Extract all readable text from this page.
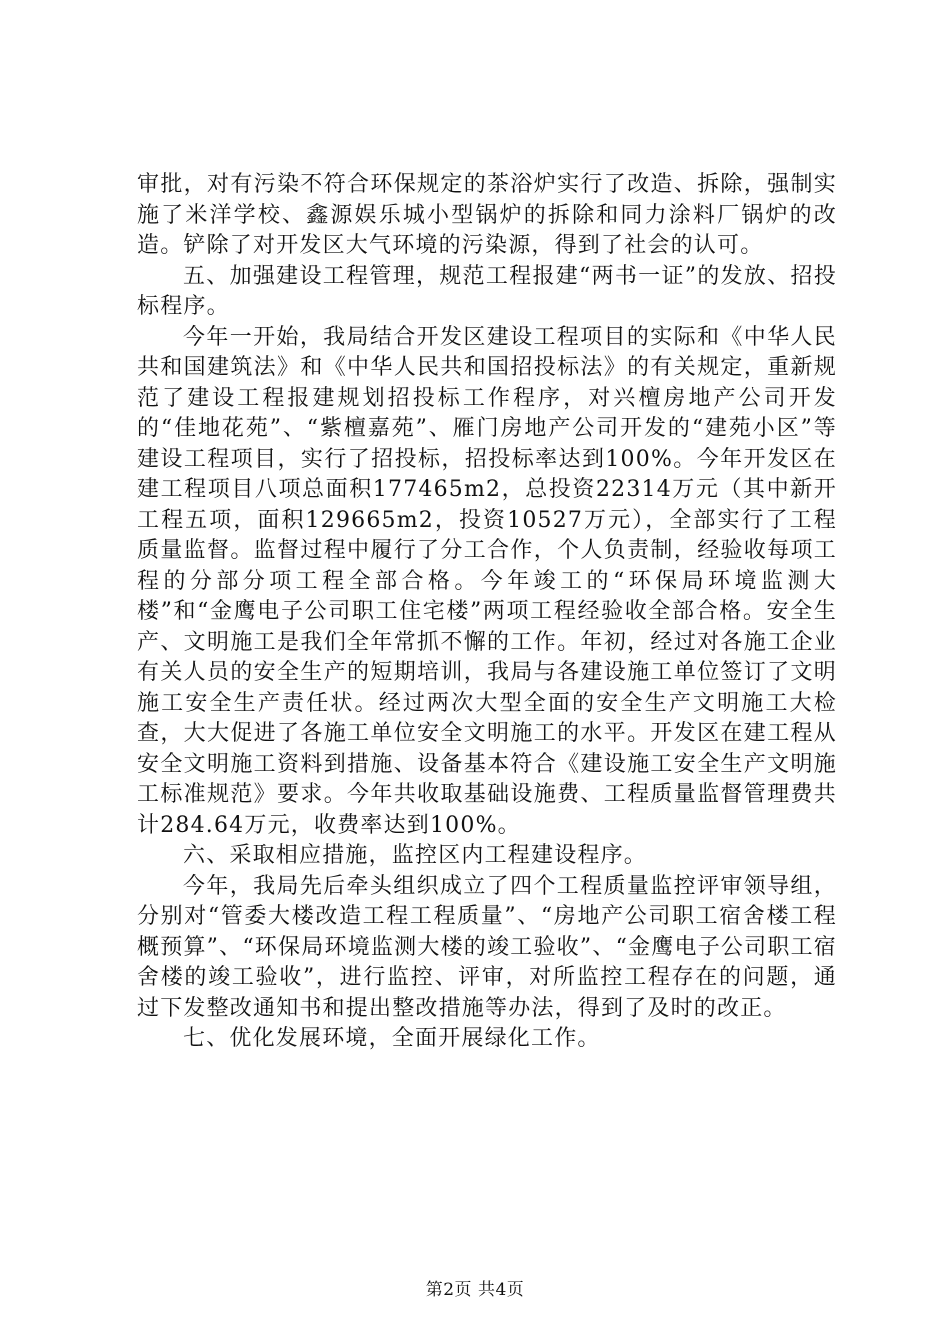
审批，对有污染不符合环保规定的茶浴炉实行了改造、拆除，强制实施了米洋学校、鑫源娱乐城小型锅炉的拆除和同力涂料厂锅炉的改造。铲除了对开发区大气环境的污染源，得到了社会的认可。

五、加强建设工程管理，规范工程报建“两书一证”的发放、招投标程序。

今年一开始，我局结合开发区建设工程项目的实际和《中华人民共和国建筑法》和《中华人民共和国招投标法》的有关规定，重新规范了建设工程报建规划招投标工作程序，对兴檀房地产公司开发的“佳地花苑”、“紫檀嘉苑”、雁门房地产公司开发的“建苑小区”等建设工程项目，实行了招投标，招投标率达到100%。今年开发区在建工程项目八项总面积177465m2，总投资22314万元（其中新开工程五项，面积129665m2，投资10527万元），全部实行了工程质量监督。监督过程中履行了分工合作，个人负责制，经验收每项工程的分部分项工程全部合格。今年竣工的“环保局环境监测大楼”和“金鹰电子公司职工住宅楼”两项工程经验收全部合格。安全生产、文明施工是我们全年常抓不懈的工作。年初，经过对各施工企业有关人员的安全生产的短期培训，我局与各建设施工单位签订了文明施工安全生产责任状。经过两次大型全面的安全生产文明施工大检查，大大促进了各施工单位安全文明施工的水平。开发区在建工程从安全文明施工资料到措施、设备基本符合《建设施工安全生产文明施工标准规范》要求。今年共收取基础设施费、工程质量监督管理费共计284.64万元，收费率达到100%。

六、采取相应措施，监控区内工程建设程序。

今年，我局先后牵头组织成立了四个工程质量监控评审领导组，分别对“管委大楼改造工程工程质量”、“房地产公司职工宿舍楼工程概预算”、“环保局环境监测大楼的竣工验收”、“金鹰电子公司职工宿舍楼的竣工验收”，进行监控、评审，对所监控工程存在的问题，通过下发整改通知书和提出整改措施等办法，得到了及时的改正。

七、优化发展环境，全面开展绿化工作。

第2页 共4页
